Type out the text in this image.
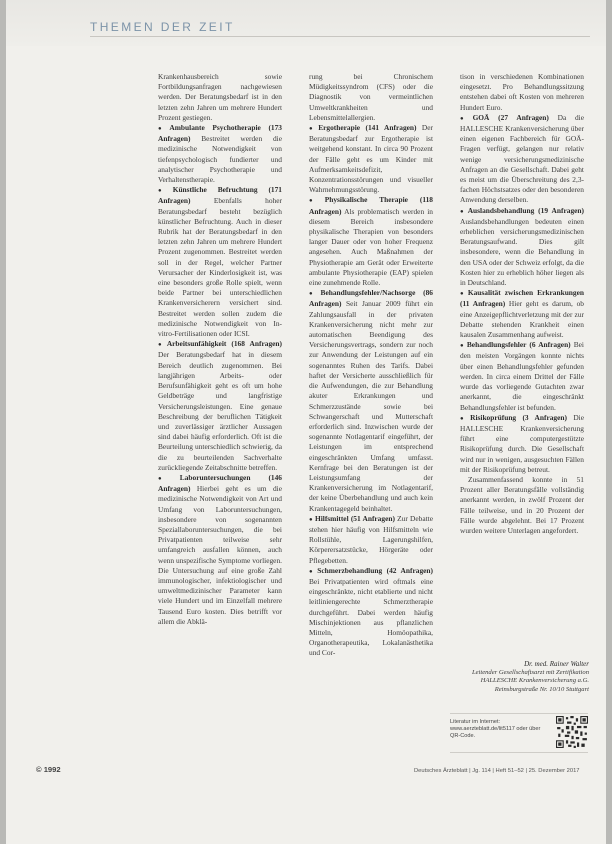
THEMEN DER ZEIT

Krankenhausbereich sowie Fortbildungsanfragen nachgewiesen werden. Der Beratungsbedarf ist in den letzten zehn Jahren um mehrere Hundert Prozent gestiegen.

● Ambulante Psychotherapie (173 Anfragen) Bestreitet werden die medizinische Notwendigkeit von tiefenpsychologisch fundierter und analytischer Psychotherapie und Verhaltenstherapie.

● Künstliche Befruchtung (171 Anfragen) Ebenfalls hoher Beratungsbedarf besteht bezüglich künstlicher Befruchtung. Auch in dieser Rubrik hat der Beratungsbedarf in den letzten zehn Jahren um mehrere Hundert Prozent zugenommen. Bestreitet werden soll in der Regel, welcher Partner Verursacher der Kinderlosigkeit ist, was eine besonders große Rolle spielt, wenn beide Partner bei unterschiedlichen Krankenversicherern versichert sind. Bestreitet werden sollen zudem die medizinische Notwendigkeit von In-vitro-Fertilisationen oder ICSI.

● Arbeitsunfähigkeit (168 Anfragen) Der Beratungsbedarf hat in diesem Bereich deutlich zugenommen. Bei langjährigen Arbeits- oder Berufsunfähigkeit geht es oft um hohe Geldbeträge und langfristige Versicherungsleistungen. Eine genaue Beschreibung der beruflichen Tätigkeit und zuverlässiger ärztlicher Aussagen sind dabei häufig erforderlich. Oft ist die Beurteilung unterschiedlich schwierig, da die zu beurteilenden Sachverhalte zurückliegende Zeitabschnitte betreffen.

● Laboruntersuchungen (146 Anfragen) Hierbei geht es um die medizinische Notwendigkeit von Art und Umfang von Laboruntersuchungen, insbesondere von sogenannten Speziallaboruntersuchungen, die bei Privatpatienten teilweise sehr umfangreich ausfallen können, auch wenn unspezifische Symptome vorliegen. Die Untersuchung auf eine große Zahl immunologischer, infektiologischer und umweltmedizinischer Parameter kann viele Hundert und im Einzelfall mehrere Tausend Euro kosten. Dies betrifft vor allem die Abklä-

rung bei Chronischem Müdigkeitssyndrom (CFS) oder die Diagnostik von vermeintlichen Umweltkrankheiten und Lebensmittelallergien.

● Ergotherapie (141 Anfragen) Der Beratungsbedarf zur Ergotherapie ist weitgehend konstant. In circa 90 Prozent der Fälle geht es um Kinder mit Aufmerksamkeitsdefizit, Konzentrationsstörungen und visueller Wahrnehmungsstörung.

● Physikalische Therapie (118 Anfragen) Als problematisch werden in diesem Bereich insbesondere physikalische Therapien von besonders langer Dauer oder von hoher Frequenz angesehen. Auch Maßnahmen der Physiotherapie am Gerät oder Erweiterte ambulante Physiotherapie (EAP) spielen eine zunehmende Rolle.

● Behandlungsfehler/Nachsorge (86 Anfragen) Seit Januar 2009 führt ein Zahlungsausfall in der privaten Krankenversicherung nicht mehr zur automatischen Beendigung des Versicherungsvertrags, sondern zur noch zur Anwendung der Leistungen auf ein sogenanntes Ruhen des Tarifs. Dabei haftet der Versicherte ausschließlich für die Aufwendungen, die zur Behandlung akuter Erkrankungen und Schmerzzustände sowie bei Schwangerschaft und Mutterschaft erforderlich sind. Inzwischen wurde der sogenannte Notlagentarif eingeführt, der Leistungen im entsprechend eingeschränkten Umfang umfasst. Kernfrage bei den Beratungen ist der Leistungsumfang der Krankenversicherung im Notlagentarif, der keine Überbehandlung und auch kein Krankentagegeld beinhaltet.

● Hilfsmittel (51 Anfragen) Zur Debatte stehen hier häufig von Hilfsmitteln wie Rollstühle, Lagerungshilfen, Körperersatzstücke, Hörgeräte oder Pflegebetten.

● Schmerzbehandlung (42 Anfragen) Bei Privatpatienten wird oftmals eine eingeschränkte, nicht etablierte und nicht leitliniengerechte Schmerztherapie durchgeführt. Dabei werden häufig Mischinjektionen aus pflanzlichen Mitteln, Homöopathika, Organotherapeutika, Lokalanästhetika und Cor-

tison in verschiedenen Kombinationen eingesetzt. Pro Behandlungssitzung entstehen dabei oft Kosten von mehreren Hundert Euro.

● GOÄ (27 Anfragen) Da die HALLESCHE Krankenversicherung über einen eigenen Fachbereich für GOÄ-Fragen verfügt, gelangen nur relativ wenige versicherungsmedizinische Anfragen an die Gesellschaft. Dabei geht es meist um die Überschreitung des 2,3-fachen Höchstsatzes oder den besonderen Anwendung derselben.

● Auslandsbehandlung (19 Anfragen) Auslandsbehandlungen bedeuten einen erheblichen versicherungsmedizinischen Beratungsaufwand. Dies gilt insbesondere, wenn die Behandlung in den USA oder der Schweiz erfolgt, da die Kosten hier zu erheblich höher liegen als in Deutschland.

● Kausalität zwischen Erkrankungen (11 Anfragen) Hier geht es darum, ob eine Anzeigepflichtverletzung mit der zur Debatte stehenden Krankheit einen kausalen Zusammenhang aufweist.

● Behandlungsfehler (6 Anfragen) Bei den meisten Vorgängen konnte nichts über einen Behandlungsfehler gefunden werden. In circa einem Drittel der Fälle wurde das vorliegende Gutachten zwar anerkannt, die eingeschränkt Behandlungsfehler ist befunden.

● Risikoprüfung (3 Anfragen) Die HALLESCHE Krankenversicherung führt eine computergestützte Risikoprüfung durch. Die Gesellschaft wird nur in wenigen, ausgesuchten Fällen mit der Risikoprüfung betreut.

Zusammenfassend konnte in 51 Prozent aller Beratungsfälle vollständig anerkannt werden, in zwölf Prozent der Fälle teilweise, und in 20 Prozent der Fälle wurde abgelehnt. Bei 17 Prozent wurden weitere Unterlagen angefordert.

Dr. med. Rainer Walter
Leitender Gesellschaftsarzt mit Zertifikation
HALLESCHE Krankenversicherung a.G.
Reinsburgstraße Nr. 10/10 Stuttgart
Literatur im Internet: www.aerzteblatt.de/lit5117 oder über QR-Code.
© 1992	Deutsches Ärzteblatt | Jg. 114 | Heft 51–52 | 25. Dezember 2017
